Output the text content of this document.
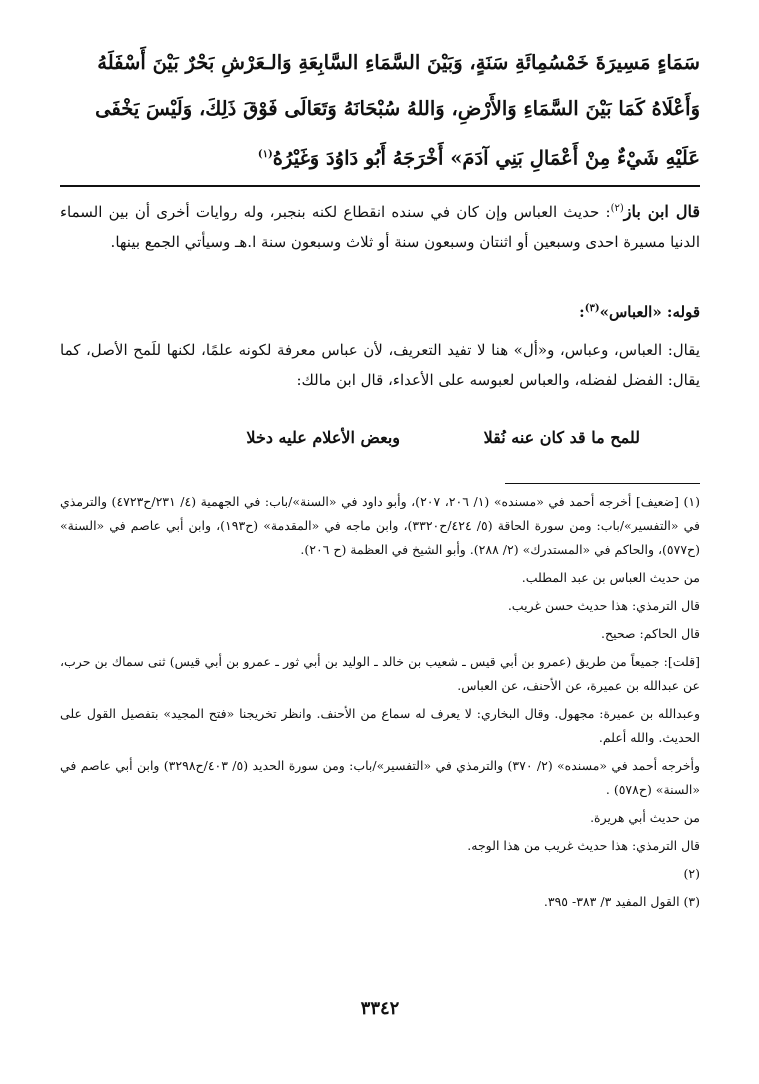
سَمَاءٍ مَسِيرَةَ خَمْسُمِائَةِ سَنَةٍ، وَبَيْنَ السَّمَاءِ السَّابِعَةِ وَالـعَرْشِ بَحْرٌ بَيْنَ أَسْفَلَهُ

وَأَعْلَاهُ كَمَا بَيْنَ السَّمَاءِ وَالأَرْضِ، وَاللهُ سُبْحَانَهُ وَتَعَالَى فَوْقَ ذَلِكَ، وَلَيْسَ يَخْفَى

عَلَيْهِ شَيْءٌ مِنْ أَعْمَالِ بَنِي آدَمَ» أَخْرَجَهُ أَبُو دَاوُدَ وَغَيْرُهُ$^{(١)}$

قال ابن باز$^{(٢)}$: حديث العباس وإن كان في سنده انقطاع لكنه بنجبر، وله روايات أخرى أن بين السماء الدنيا مسيرة احدى وسبعين أو اثنتان وسبعون سنة أو ثلاث وسبعون سنة ا.هـ وسيأتي الجمع بينها.

قوله: «العباس»$^{(٣)}$:

يقال: العباس، وعباس، و«أل» هنا لا تفيد التعريف، لأن عباس معرفة لكونه علمًا، لكنها للَمح الأصل، كما يقال: الفضل لفضله، والعباس لعبوسه على الأعداء، قال ابن مالك:

وبعض الأعلام عليه دخلا	للمح ما قد كان عنه نُقلا

(١) [ضعيف] أخرجه أحمد في «مسنده» (١/ ٢٠٦، ٢٠٧)، وأبو داود في «السنة»/باب: في الجهمية (٤/ ٢٣١/ح٤٧٢٣) والترمذي في «التفسير»/باب: ومن سورة الحاقة (٥/ ٤٢٤/ح٣٣٢٠)، وابن ماجه في «المقدمة» (ح١٩٣)، وابن أبي عاصم في «السنة» (ح٥٧٧)، والحاكم في «المستدرك» (٢/ ٢٨٨). وأبو الشيخ في العظمة (ح ٢٠٦).

من حديث العباس بن عبد المطلب.

قال الترمذي: هذا حديث حسن غريب.

قال الحاكم: صحيح.

[قلت]: جميعاً من طريق (عمرو بن أبي قيس ـ شعيب بن خالد ـ الوليد بن أبي ثور ـ عمرو بن أبي قيس) ثنى سماك بن حرب، عن عبدالله بن عميرة، عن الأحنف، عن العباس.

وعبدالله بن عميرة: مجهول. وقال البخاري: لا يعرف له سماع من الأحنف. وانظر تخريجنا «فتح المجيد» بتفصيل القول على الحديث. والله أعلم.

وأخرجه أحمد في «مسنده» (٢/ ٣٧٠) والترمذي في «التفسير»/باب: ومن سورة الحديد (٥/ ٤٠٣/ح٣٢٩٨) وابن أبي عاصم في «السنة» (ح٥٧٨) .

من حديث أبي هريرة.

قال الترمذي: هذا حديث غريب من هذا الوجه.

(٢)

(٣) القول المفيد ٣/ ٣٨٣- ٣٩٥.

٣٣٤٢
